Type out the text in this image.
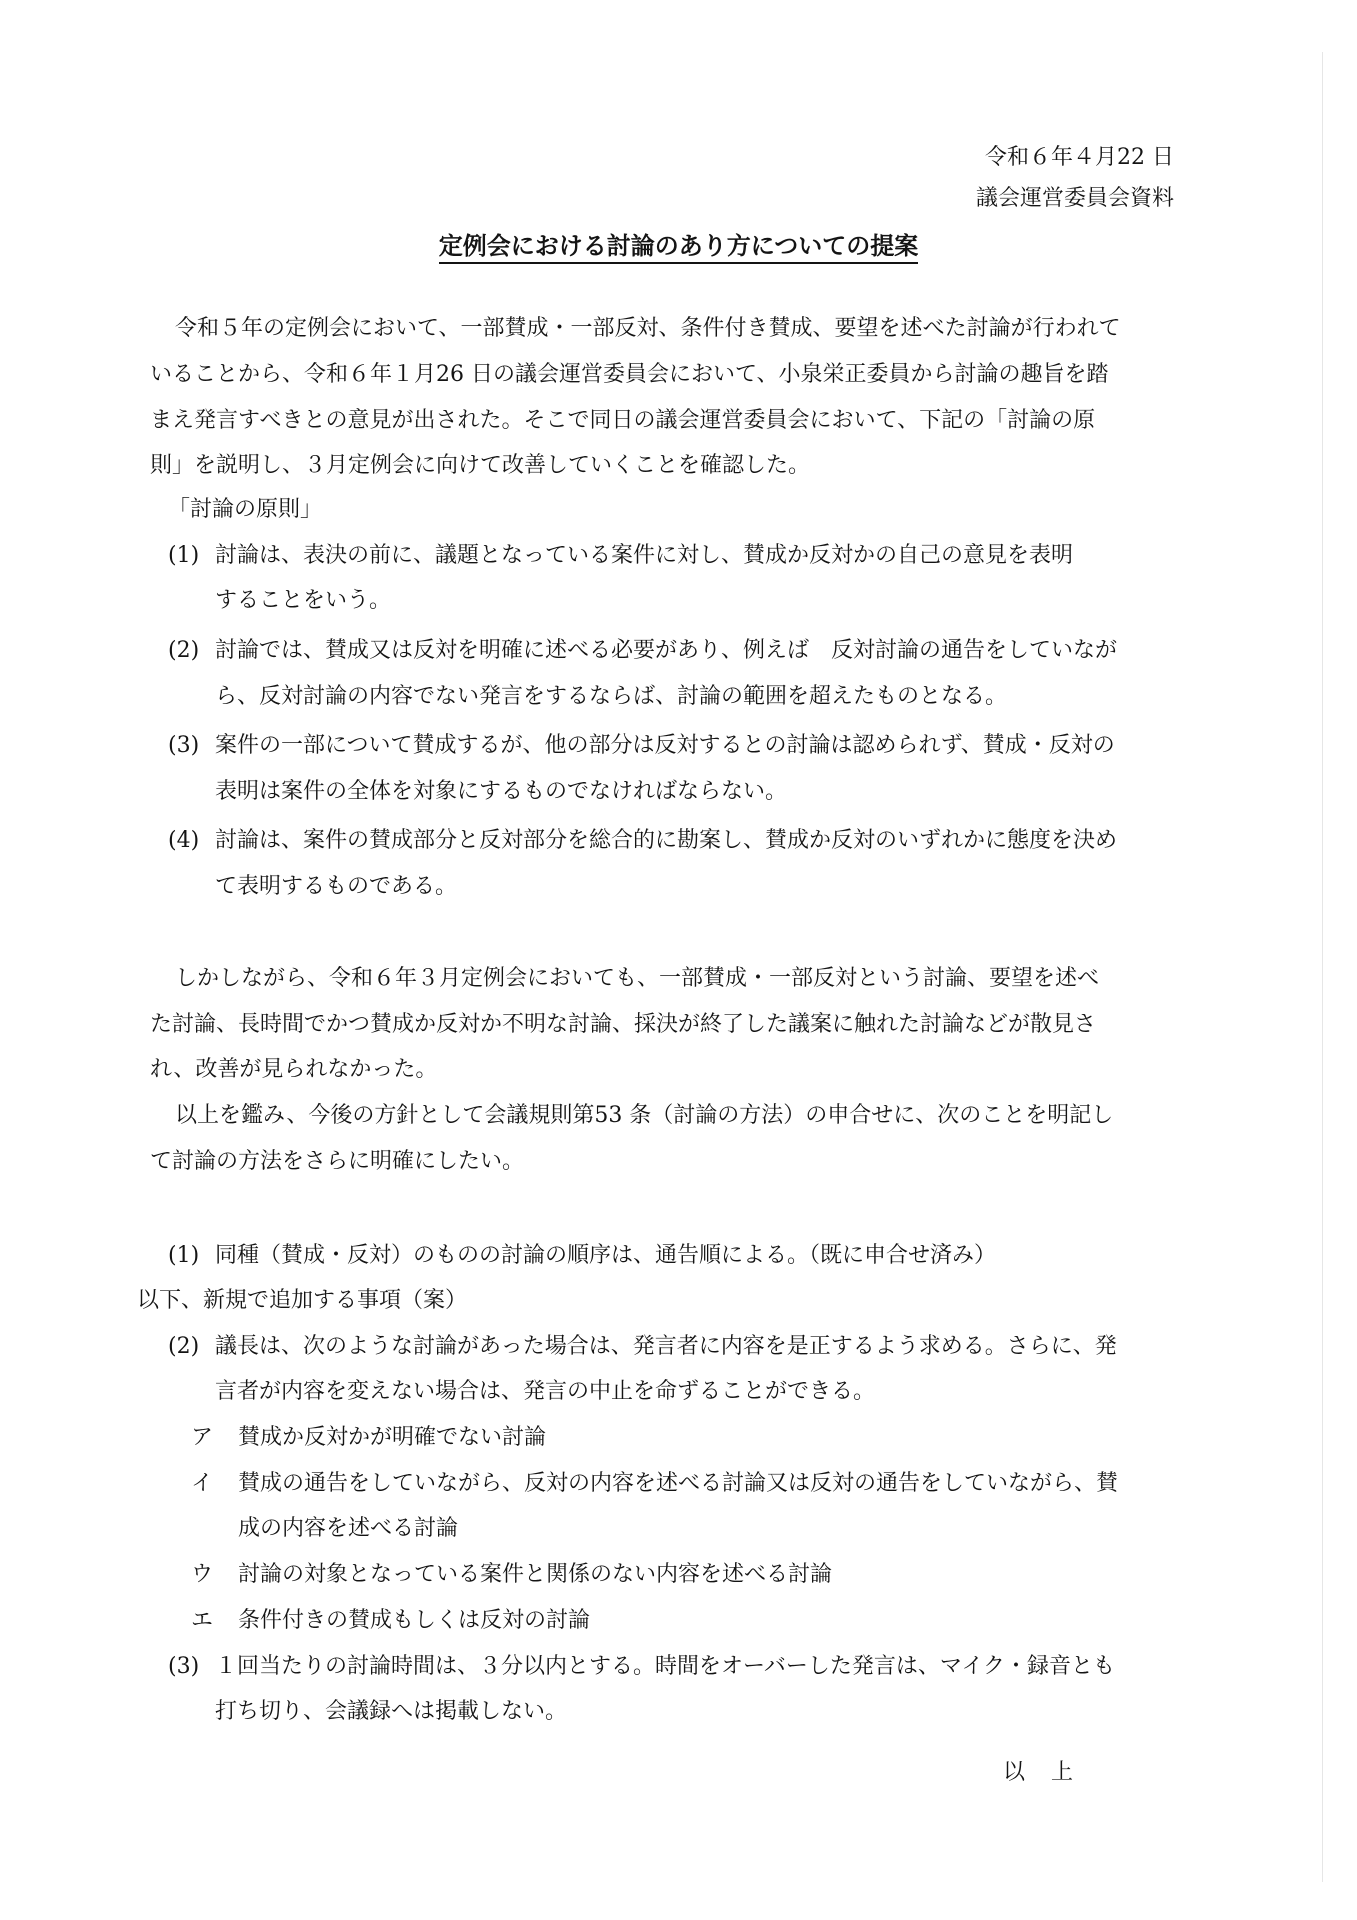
令和６年４月22 日
議会運営委員会資料
定例会における討論のあり方についての提案
令和５年の定例会において、一部賛成・一部反対、条件付き賛成、要望を述べた討論が行われて
いることから、令和６年１月26 日の議会運営委員会において、小泉栄正委員から討論の趣旨を踏
まえ発言すべきとの意見が出された。そこで同日の議会運営委員会において、下記の「討論の原
則」を説明し、３月定例会に向けて改善していくことを確認した。
「討論の原則」
(1) 討論は、表決の前に、議題となっている案件に対し、賛成か反対かの自己の意見を表明
することをいう。
(2) 討論では、賛成又は反対を明確に述べる必要があり、例えば　反対討論の通告をしていなが
ら、反対討論の内容でない発言をするならば、討論の範囲を超えたものとなる。
(3) 案件の一部について賛成するが、他の部分は反対するとの討論は認められず、賛成・反対の
表明は案件の全体を対象にするものでなければならない。
(4) 討論は、案件の賛成部分と反対部分を総合的に勘案し、賛成か反対のいずれかに態度を決め
て表明するものである。
しかしながら、令和６年３月定例会においても、一部賛成・一部反対という討論、要望を述べ
た討論、長時間でかつ賛成か反対か不明な討論、採決が終了した議案に触れた討論などが散見さ
れ、改善が見られなかった。
以上を鑑み、今後の方針として会議規則第53 条（討論の方法）の申合せに、次のことを明記し
て討論の方法をさらに明確にしたい。
(1) 同種（賛成・反対）のものの討論の順序は、通告順による。（既に申合せ済み）
以下、新規で追加する事項（案）
(2) 議長は、次のような討論があった場合は、発言者に内容を是正するよう求める。さらに、発
言者が内容を変えない場合は、発言の中止を命ずることができる。
ア 賛成か反対かが明確でない討論
イ 賛成の通告をしていながら、反対の内容を述べる討論又は反対の通告をしていながら、賛
成の内容を述べる討論
ウ 討論の対象となっている案件と関係のない内容を述べる討論
エ 条件付きの賛成もしくは反対の討論
(3) １回当たりの討論時間は、３分以内とする。時間をオーバーした発言は、マイク・録音とも
打ち切り、会議録へは掲載しない。
以上
